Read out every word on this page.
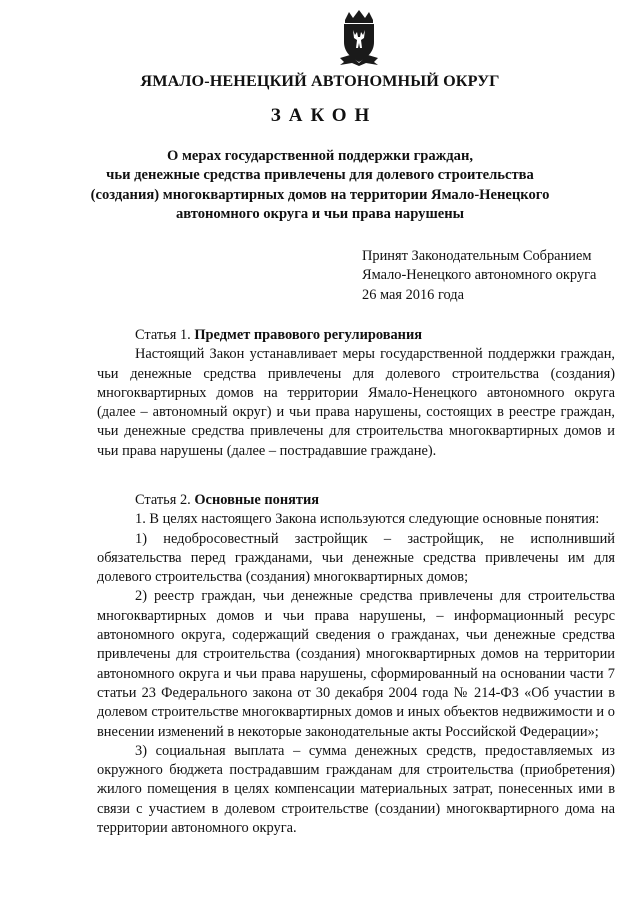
ЯМАЛО-НЕНЕЦКИЙ АВТОНОМНЫЙ ОКРУГ
ЗАКОН
О мерах государственной поддержки граждан,
чьи денежные средства привлечены для долевого строительства
(создания) многоквартирных домов на территории Ямало-Ненецкого
автономного округа и чьи права нарушены
Принят Законодательным Собранием
Ямало-Ненецкого автономного округа
26 мая 2016 года
Статья 1. Предмет правового регулирования

Настоящий Закон устанавливает меры государственной поддержки граждан, чьи денежные средства привлечены для долевого строительства (создания) многоквартирных домов на территории Ямало-Ненецкого автономного округа (далее – автономный округ) и чьи права нарушены, состоящих в реестре граждан, чьи денежные средства привлечены для строительства многоквартирных домов и чьи права нарушены (далее – пострадавшие граждане).

Статья 2. Основные понятия

1. В целях настоящего Закона используются следующие основные понятия:

1) недобросовестный застройщик – застройщик, не исполнивший обязательства перед гражданами, чьи денежные средства привлечены им для долевого строительства (создания) многоквартирных домов;

2) реестр граждан, чьи денежные средства привлечены для строительства многоквартирных домов и чьи права нарушены, – информационный ресурс автономного округа, содержащий сведения о гражданах, чьи денежные средства привлечены для строительства (создания) многоквартирных домов на территории автономного округа и чьи права нарушены, сформированный на основании части 7 статьи 23 Федерального закона от 30 декабря 2004 года № 214-ФЗ «Об участии в долевом строительстве многоквартирных домов и иных объектов недвижимости и о внесении изменений в некоторые законодательные акты Российской Федерации»;

3) социальная выплата – сумма денежных средств, предоставляемых из окружного бюджета пострадавшим гражданам для строительства (приобретения) жилого помещения в целях компенсации материальных затрат, понесенных ими в связи с участием в долевом строительстве (создании) многоквартирного дома на территории автономного округа.
